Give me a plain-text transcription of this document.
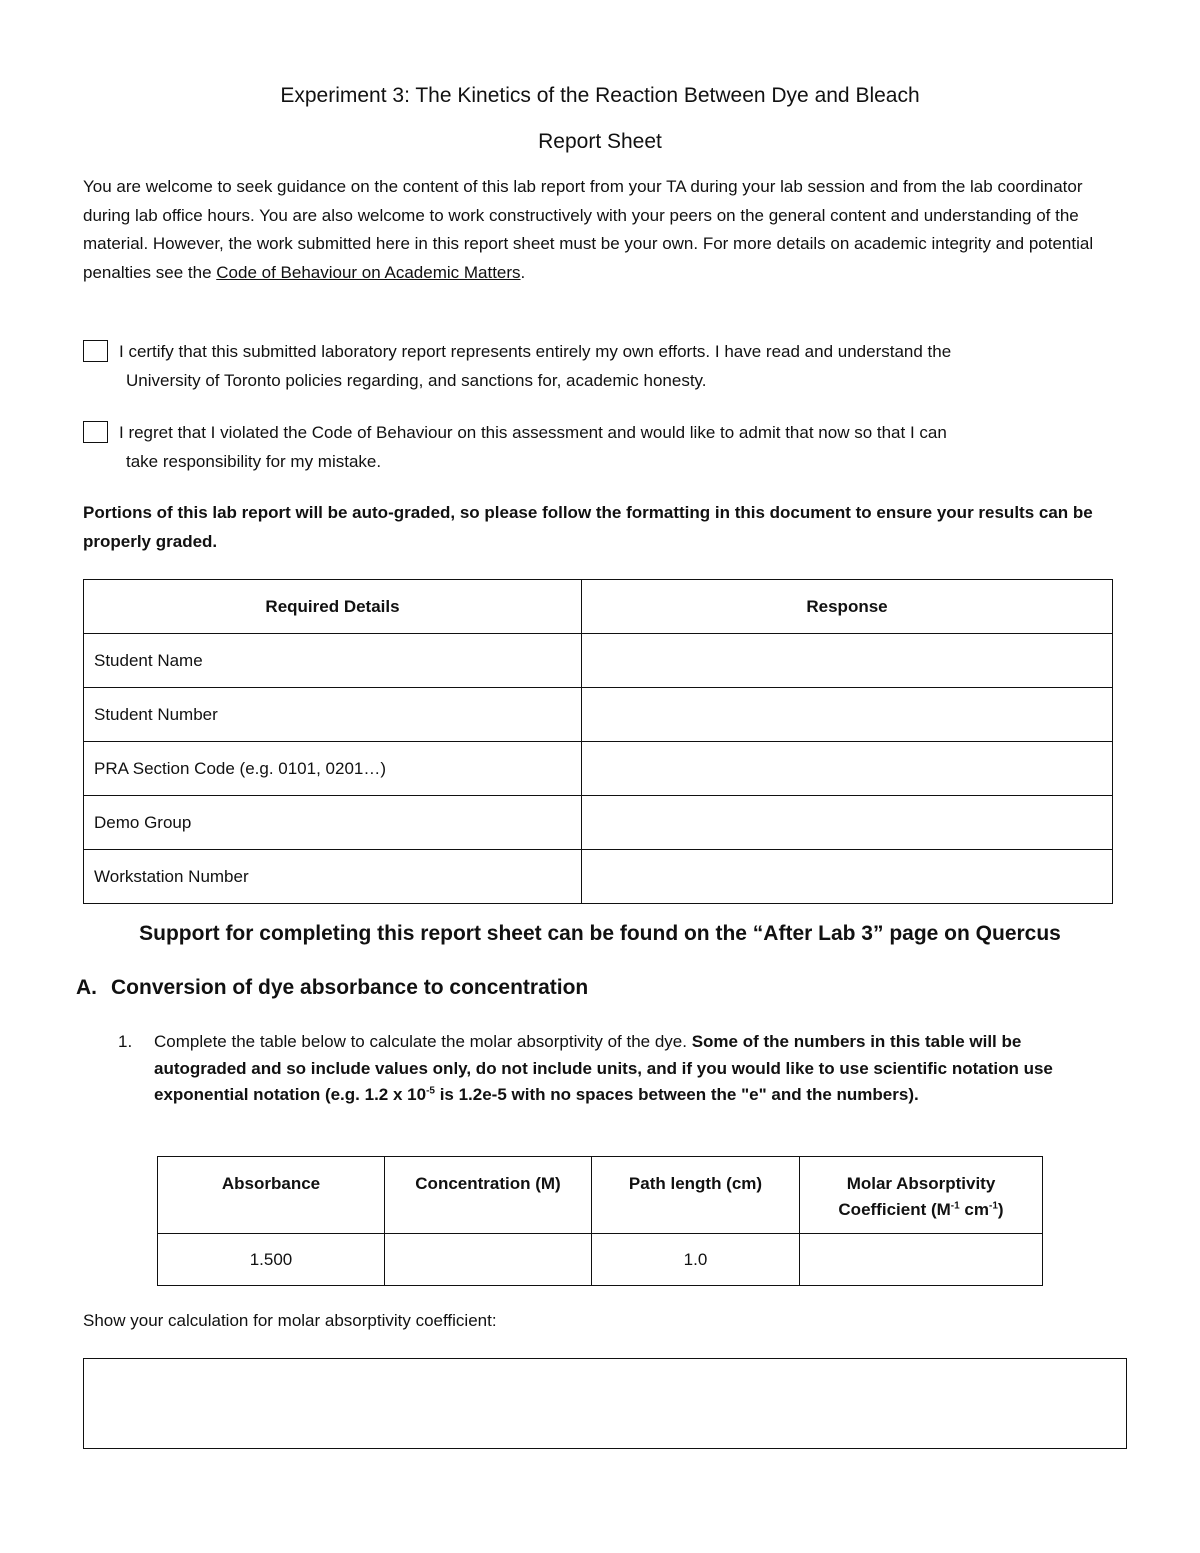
Experiment 3: The Kinetics of the Reaction Between Dye and Bleach
Report Sheet
You are welcome to seek guidance on the content of this lab report from your TA during your lab session and from the lab coordinator during lab office hours. You are also welcome to work constructively with your peers on the general content and understanding of the material. However, the work submitted here in this report sheet must be your own. For more details on academic integrity and potential penalties see the Code of Behaviour on Academic Matters.
I certify that this submitted laboratory report represents entirely my own efforts. I have read and understand the
University of Toronto policies regarding, and sanctions for, academic honesty.
I regret that I violated the Code of Behaviour on this assessment and would like to admit that now so that I can
take responsibility for my mistake.
Portions of this lab report will be auto-graded, so please follow the formatting in this document to ensure your results can be properly graded.
Required Details	Response
Student Name	
Student Number	
PRA Section Code (e.g. 0101, 0201…)	
Demo Group	
Workstation Number	
Support for completing this report sheet can be found on the “After Lab 3” page on Quercus
A. Conversion of dye absorbance to concentration
1. Complete the table below to calculate the molar absorptivity of the dye. Some of the numbers in this table will be autograded and so include values only, do not include units, and if you would like to use scientific notation use exponential notation (e.g. 1.2 x $10^{-5}$ is 1.2e-5 with no spaces between the "e" and the numbers).
Absorbance	Concentration (M)	Path length (cm)	Molar Absorptivity
Coefficient ($M^{-1}$ $cm^{-1}$)
1.500		1.0	
Show your calculation for molar absorptivity coefficient:
